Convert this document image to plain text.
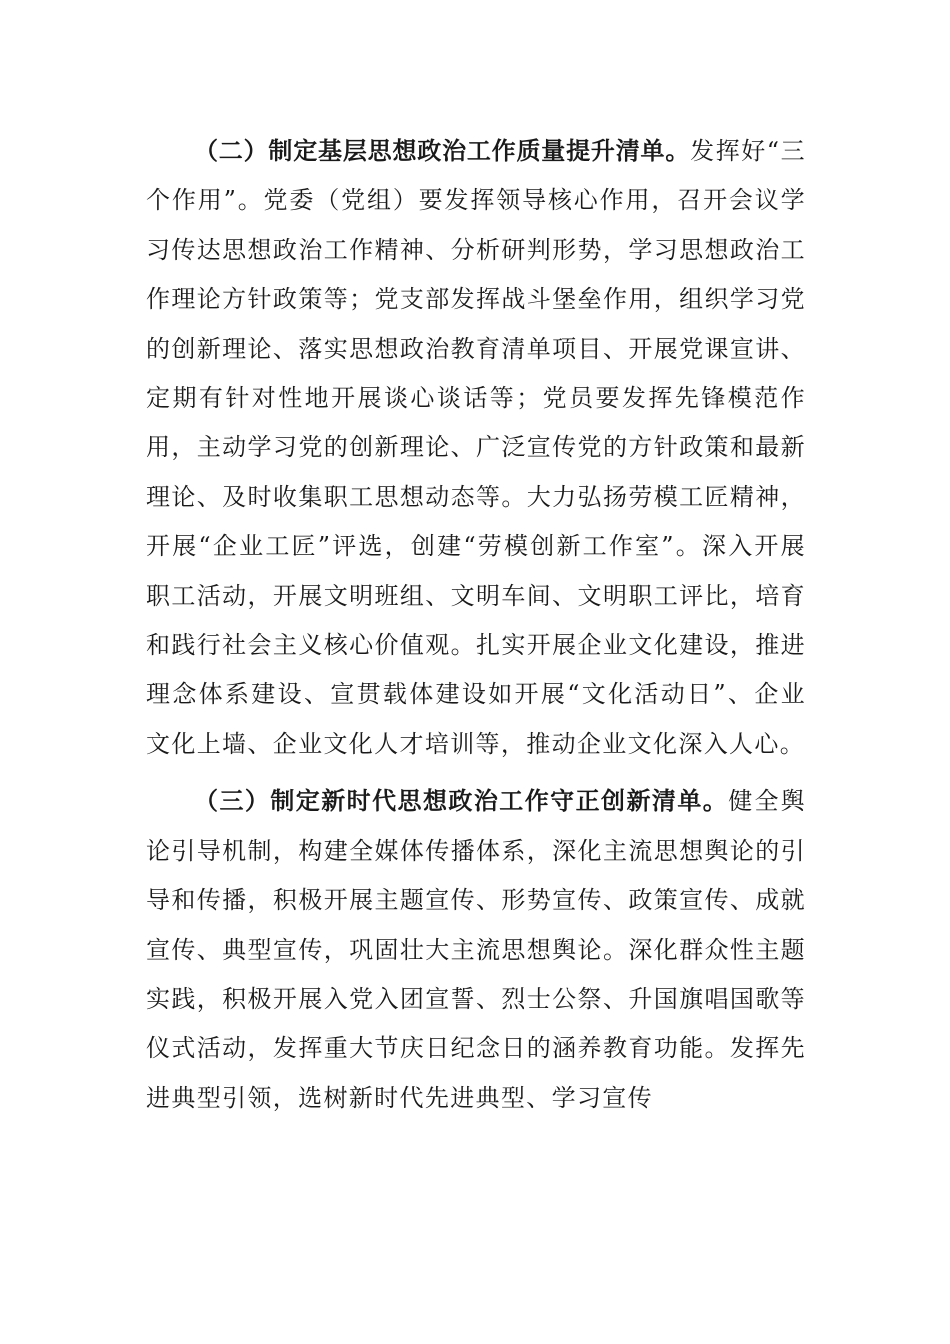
（二）制定基层思想政治工作质量提升清单。发挥好“三个作用”。党委（党组）要发挥领导核心作用，召开会议学习传达思想政治工作精神、分析研判形势，学习思想政治工作理论方针政策等；党支部发挥战斗堡垒作用，组织学习党的创新理论、落实思想政治教育清单项目、开展党课宣讲、定期有针对性地开展谈心谈话等；党员要发挥先锋模范作用，主动学习党的创新理论、广泛宣传党的方针政策和最新理论、及时收集职工思想动态等。大力弘扬劳模工匠精神，开展“企业工匠”评选，创建“劳模创新工作室”。深入开展职工活动，开展文明班组、文明车间、文明职工评比，培育和践行社会主义核心价值观。扎实开展企业文化建设，推进理念体系建设、宣贯载体建设如开展“文化活动日”、企业文化上墙、企业文化人才培训等，推动企业文化深入人心。

（三）制定新时代思想政治工作守正创新清单。健全舆论引导机制，构建全媒体传播体系，深化主流思想舆论的引导和传播，积极开展主题宣传、形势宣传、政策宣传、成就宣传、典型宣传，巩固壮大主流思想舆论。深化群众性主题实践，积极开展入党入团宣誓、烈士公祭、升国旗唱国歌等仪式活动，发挥重大节庆日纪念日的涵养教育功能。发挥先进典型引领，选树新时代先进典型、学习宣传
